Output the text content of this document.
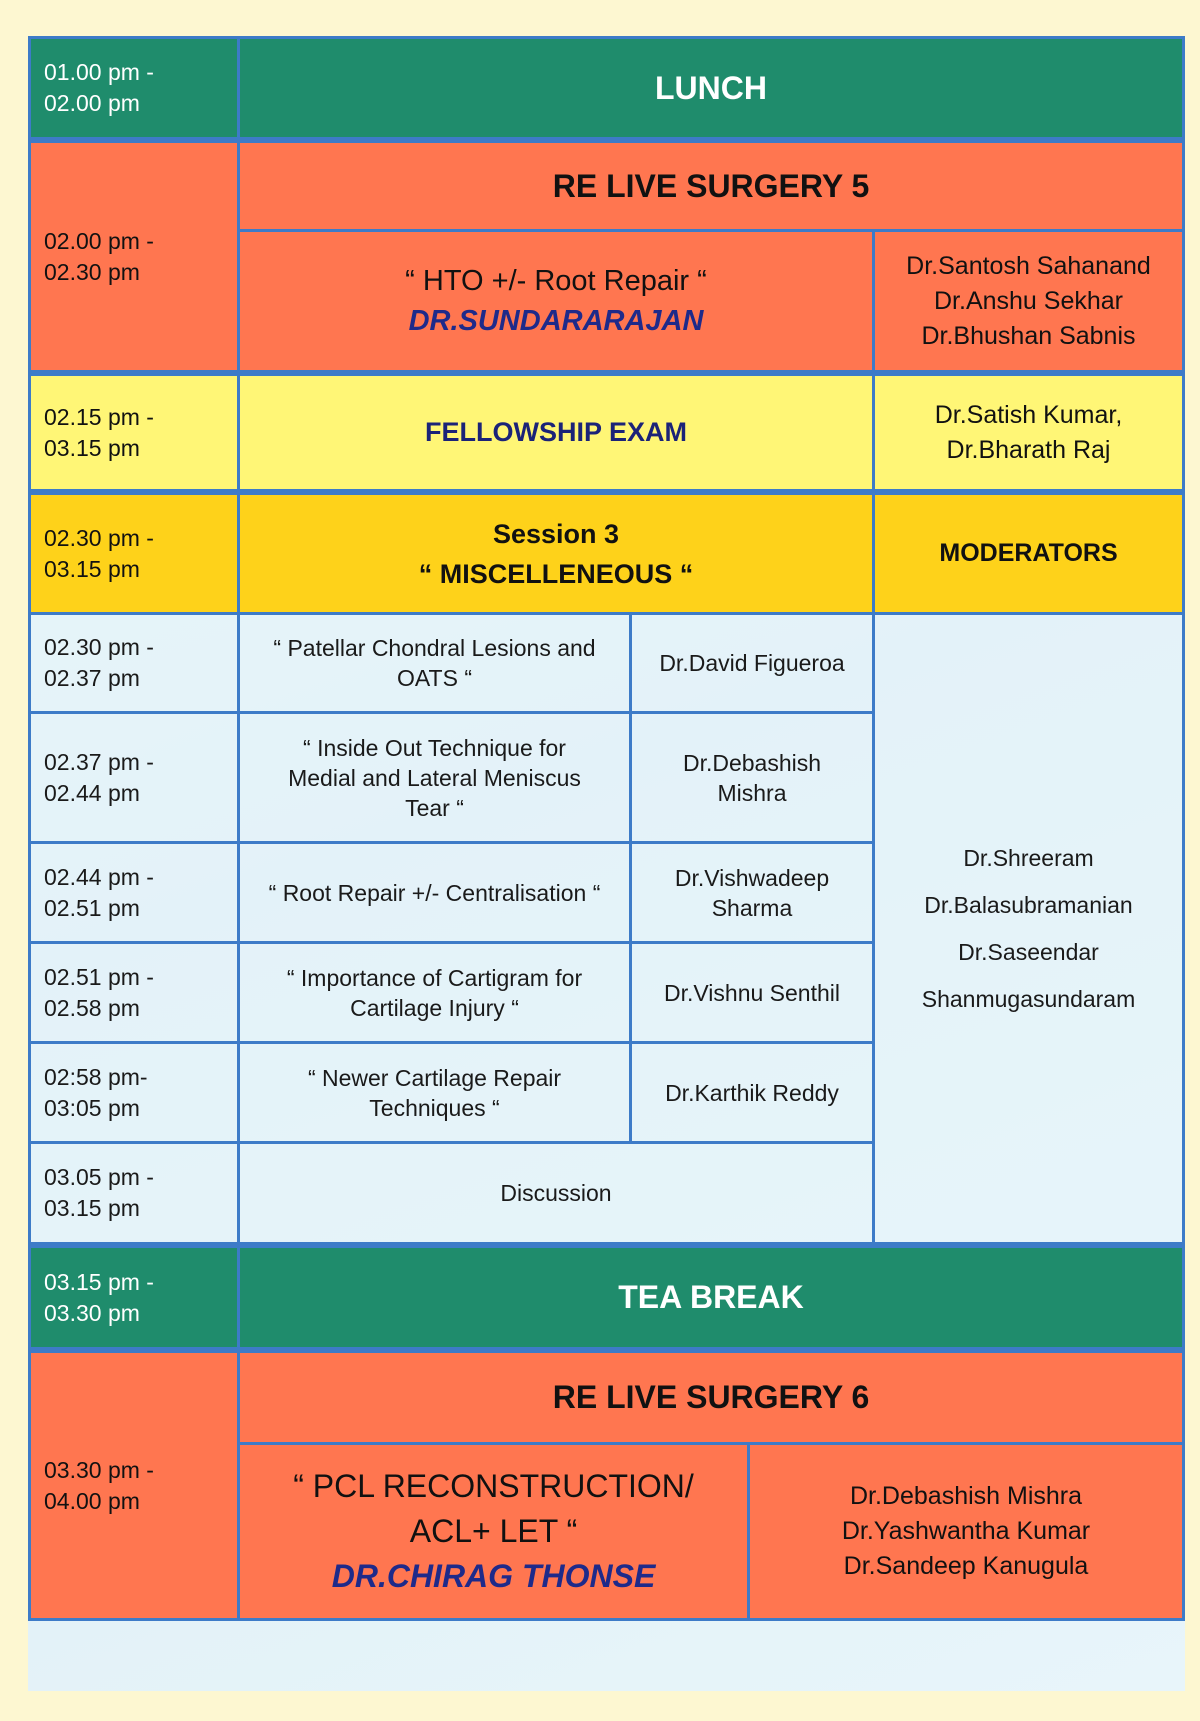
01.00 pm -
02.00 pm	LUNCH
02.00 pm -
02.30 pm
RE LIVE SURGERY 5
“ HTO +/- Root Repair “
DR.SUNDARARAJAN
Dr.Santosh Sahanand
Dr.Anshu Sekhar
Dr.Bhushan Sabnis
02.15 pm -
03.15 pm
FELLOWSHIP EXAM
Dr.Satish Kumar,
Dr.Bharath Raj
02.30 pm -
03.15 pm
Session 3
“ MISCELLENEOUS “
MODERATORS
02.30 pm -
02.37 pm
“ Patellar Chondral Lesions and
OATS “
Dr.David Figueroa
02.37 pm -
02.44 pm
“ Inside Out Technique for
Medial and Lateral Meniscus
Tear “
Dr.Debashish
Mishra
02.44 pm -
02.51 pm
“ Root Repair +/- Centralisation “
Dr.Vishwadeep
Sharma
02.51 pm -
02.58 pm
“ Importance of Cartigram for
Cartilage Injury “
Dr.Vishnu Senthil
02:58 pm-
03:05 pm
“ Newer Cartilage Repair
Techniques “
Dr.Karthik Reddy
03.05 pm -
03.15 pm
Discussion
Dr.Shreeram
Dr.Balasubramanian
Dr.Saseendar
Shanmugasundaram
03.15 pm -
03.30 pm	TEA BREAK
03.30 pm -
04.00 pm
RE LIVE SURGERY 6
“ PCL RECONSTRUCTION/
ACL+ LET “
DR.CHIRAG THONSE
Dr.Debashish Mishra
Dr.Yashwantha Kumar
Dr.Sandeep Kanugula
